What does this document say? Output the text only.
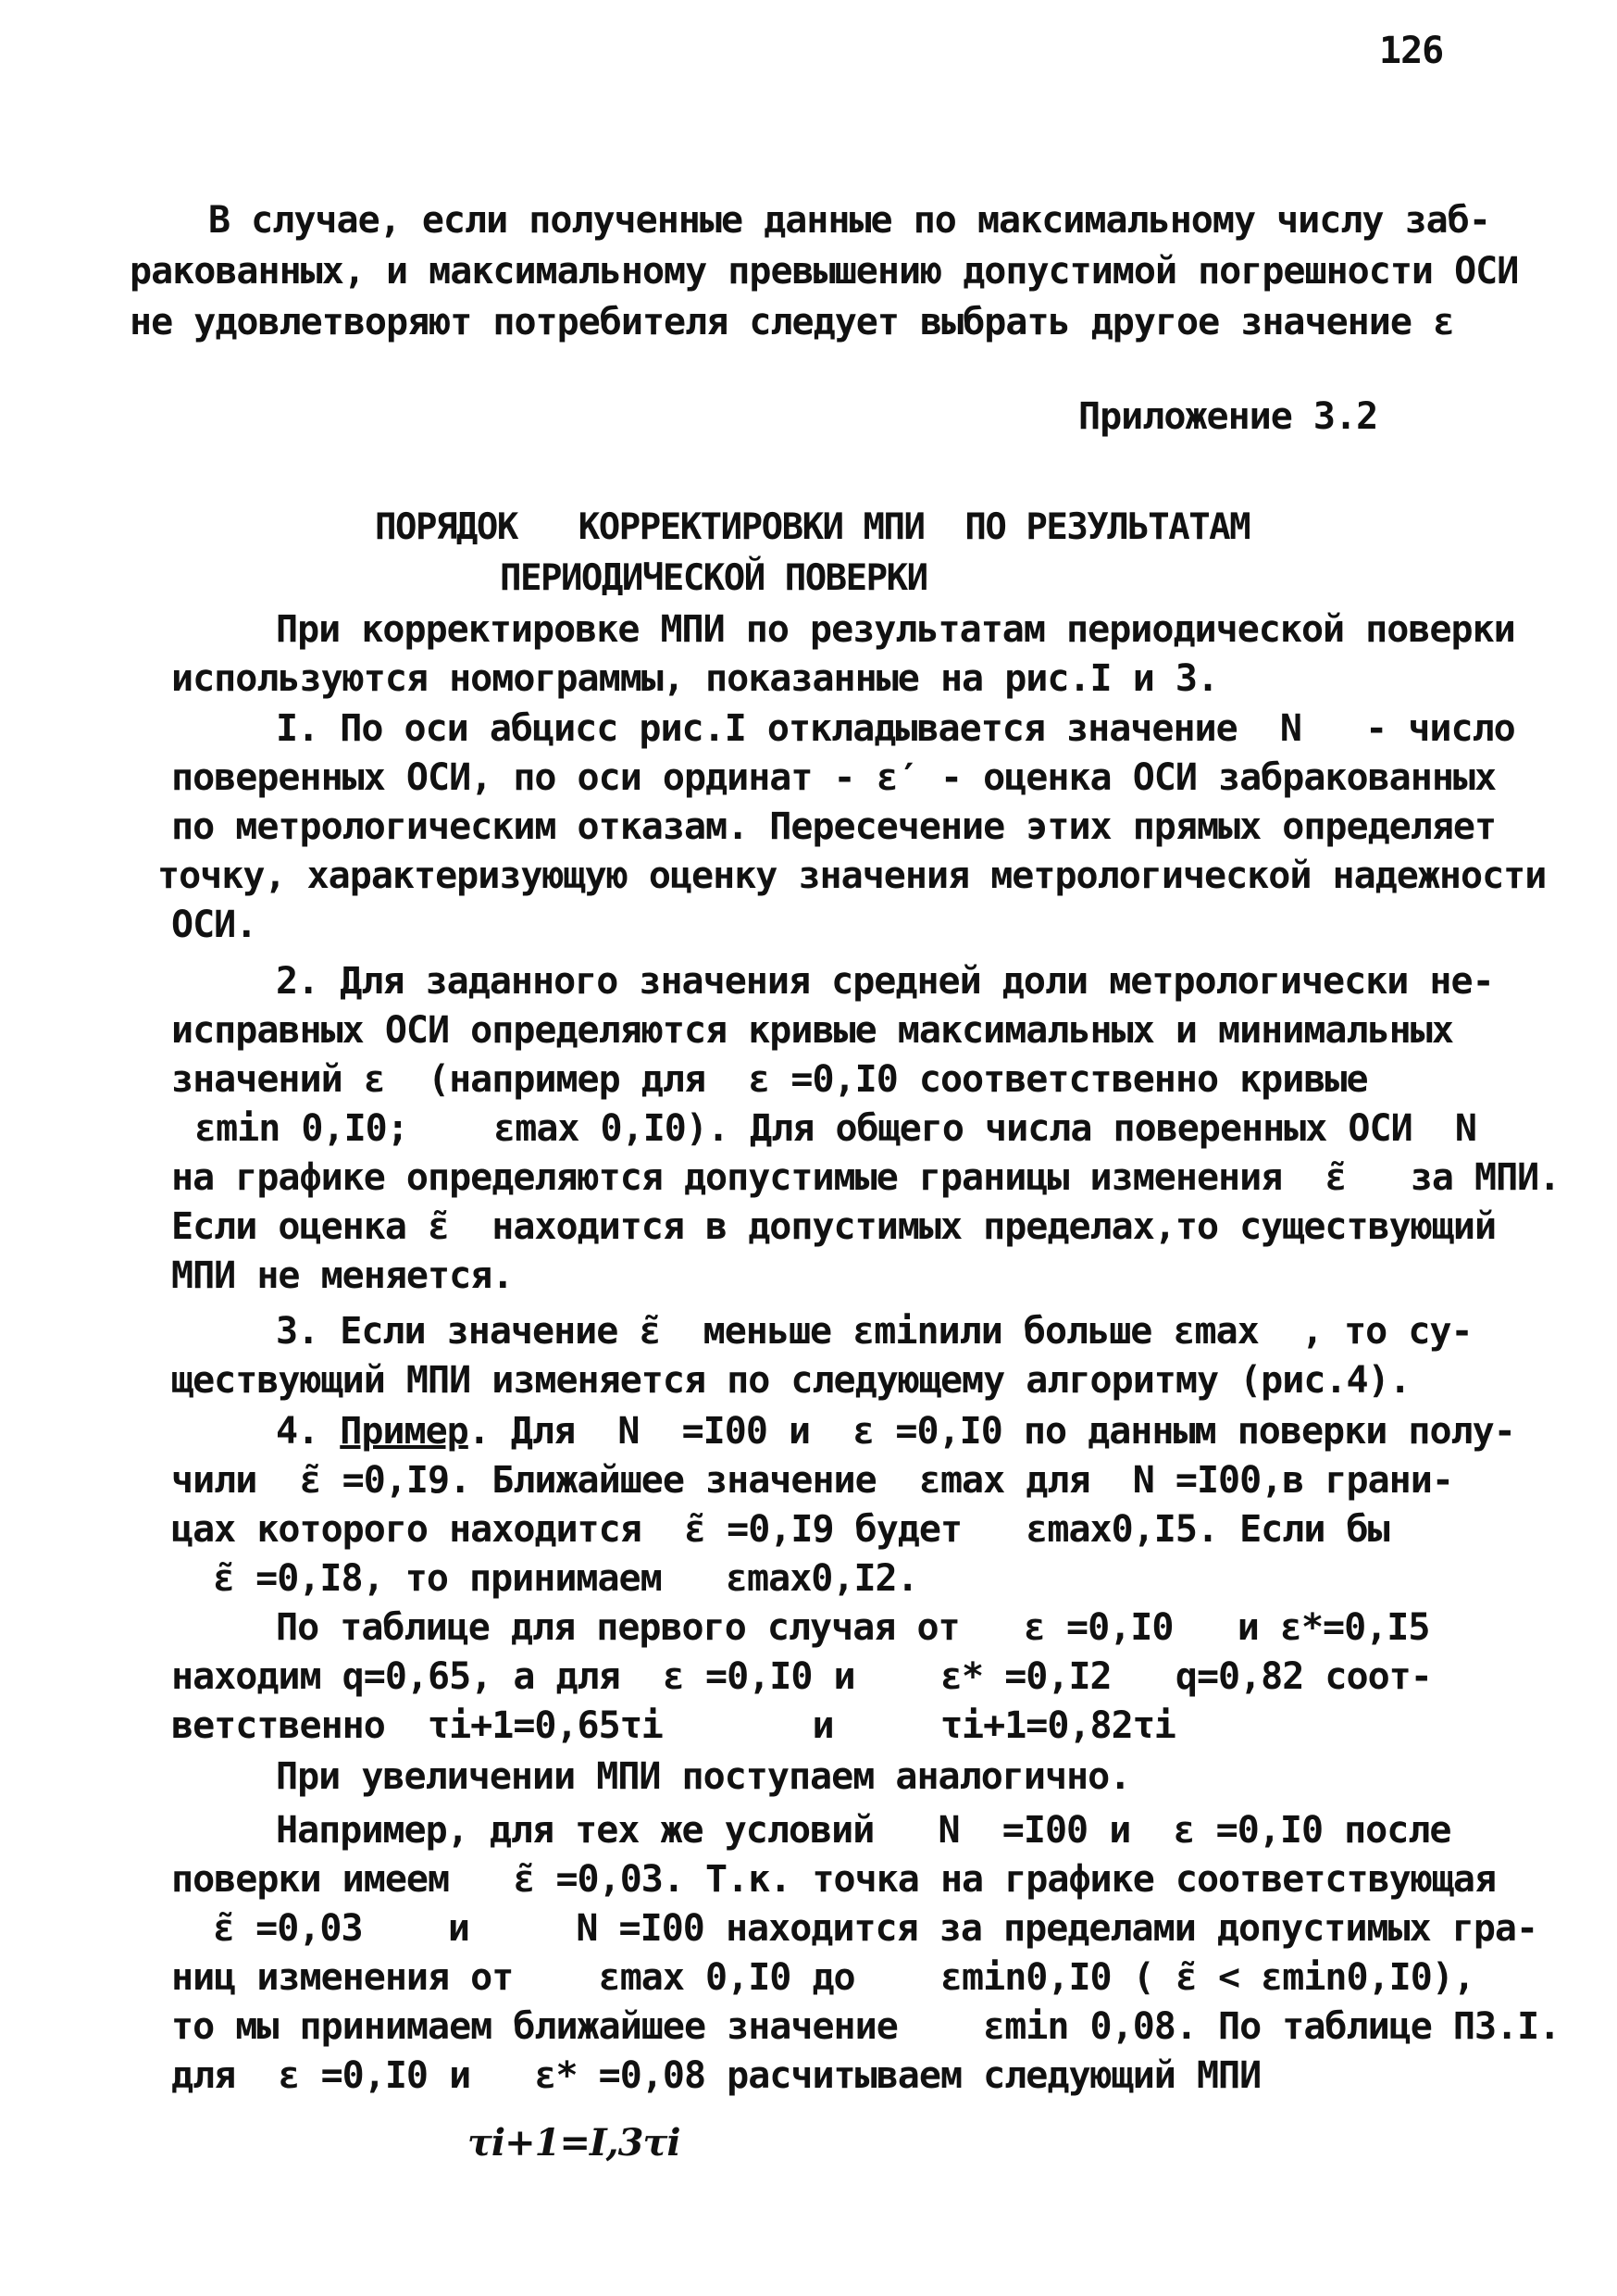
126
В случае, если полученные данные по максимальному числу заб-
ракованных, и максимальному превышению допустимой погрешности ОСИ
не удовлетворяют потребителя следует выбрать другое значение ε
Приложение 3.2
ПОРЯДОК   КОРРЕКТИРОВКИ МПИ  ПО РЕЗУЛЬТАТАМ
ПЕРИОДИЧЕСКОЙ ПОВЕРКИ
При корректировке МПИ по результатам периодической поверки
используются номограммы, показанные на рис.I и 3.
I. По оси абцисс рис.I откладывается значение  N   - число
поверенных ОСИ, по оси ординат - ε′ - оценка ОСИ забракованных
по метрологическим отказам. Пересечение этих прямых определяет
точку, характеризующую оценку значения метрологической надежности
ОСИ.
2. Для заданного значения средней доли метрологически не-
исправных ОСИ определяются кривые максимальных и минимальных
значений ε  (например для  ε =0,I0 соответственно кривые
εmin 0,I0;    εmax 0,I0). Для общего числа поверенных ОСИ  N
на графике определяются допустимые границы изменения  ε̃   за МПИ.
Если оценка ε̃  находится в допустимых пределах,то существующий
МПИ не меняется.
3. Если значение ε̃  меньше εminили больше εmax  , то су-
ществующий МПИ изменяется по следующему алгоритму (рис.4).
4. Пример. Для  N  =I00 и  ε =0,I0 по данным поверки полу-
чили  ε̃ =0,I9. Ближайшее значение  εmax для  N =I00,в грани-
цах которого находится  ε̃ =0,I9 будет   εmax0,I5. Если бы
ε̃ =0,I8, то принимаем   εmax0,I2.
По таблице для первого случая от   ε =0,I0   и ε*=0,I5
находим q=0,65, а для  ε =0,I0 и    ε* =0,I2   q=0,82 соот-
ветственно  τi+1=0,65τi       и     τi+1=0,82τi
При увеличении МПИ поступаем аналогично.
Например, для тех же условий   N  =I00 и  ε =0,I0 после
поверки имеем   ε̃ =0,03. Т.к. точка на графике соответствующая
ε̃ =0,03    и     N =I00 находится за пределами допустимых гра-
ниц изменения от    εmax 0,I0 до    εmin0,I0 ( ε̃ < εmin0,I0),
то мы принимаем ближайшее значение    εmin 0,08. По таблице П3.I.
для  ε =0,I0 и   ε* =0,08 расчитываем следующий МПИ
τi+1=I,3τi
